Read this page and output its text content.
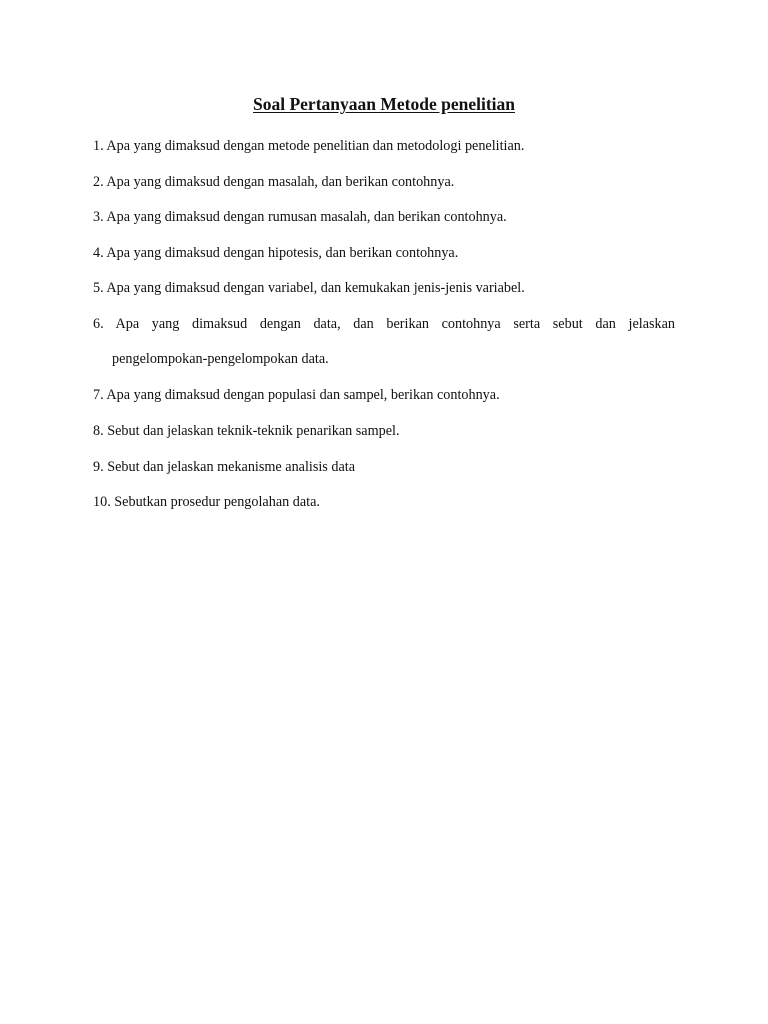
Soal Pertanyaan Metode penelitian
1. Apa yang dimaksud dengan metode penelitian dan metodologi penelitian.
2. Apa yang dimaksud dengan masalah, dan berikan contohnya.
3. Apa yang dimaksud dengan rumusan masalah, dan berikan contohnya.
4. Apa yang dimaksud dengan hipotesis, dan berikan contohnya.
5. Apa yang dimaksud dengan variabel, dan kemukakan jenis-jenis variabel.
6. Apa yang dimaksud dengan data, dan berikan contohnya serta sebut dan jelaskan
pengelompokan-pengelompokan data.
7. Apa yang dimaksud dengan populasi dan sampel, berikan contohnya.
8. Sebut dan jelaskan teknik-teknik penarikan sampel.
9. Sebut dan jelaskan mekanisme analisis data
10. Sebutkan prosedur pengolahan data.
